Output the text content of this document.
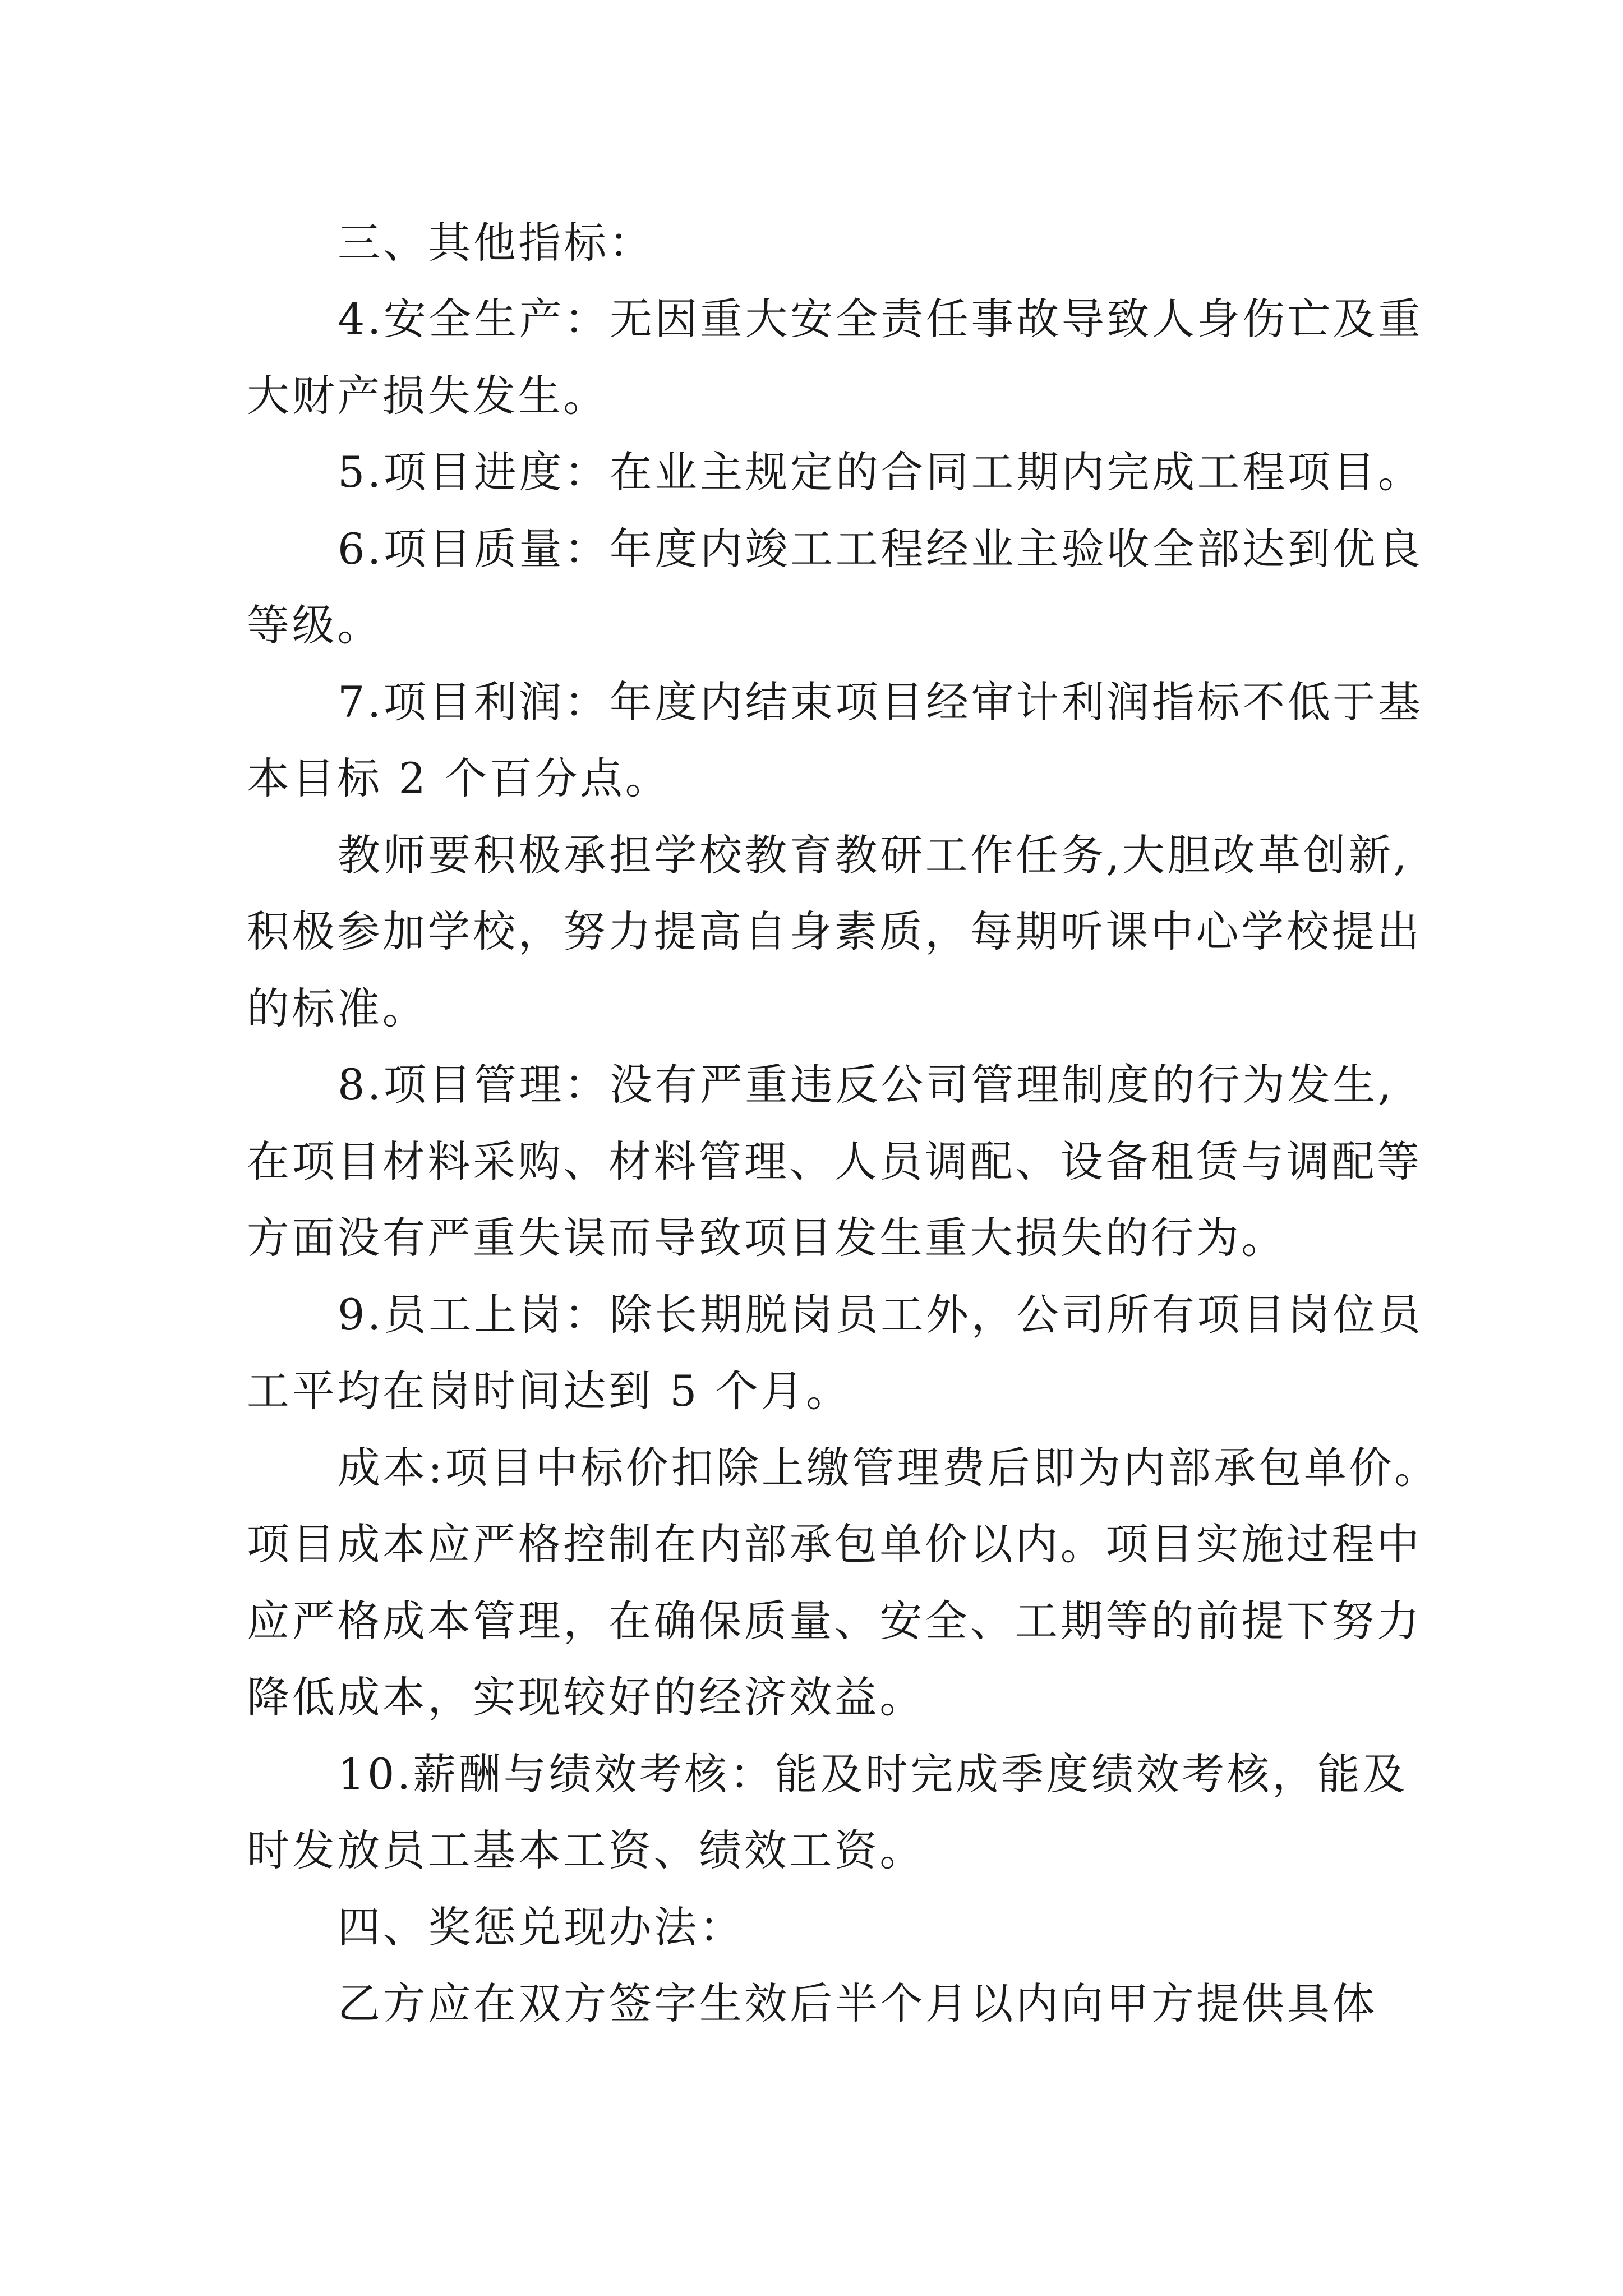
三、其他指标：
4.安全生产：无因重大安全责任事故导致人身伤亡及重
大财产损失发生。
5.项目进度：在业主规定的合同工期内完成工程项目。
6.项目质量：年度内竣工工程经业主验收全部达到优良
等级。
7.项目利润：年度内结束项目经审计利润指标不低于基
本目标 2 个百分点。
教师要积极承担学校教育教研工作任务,大胆改革创新,
积极参加学校，努力提高自身素质，每期听课中心学校提出
的标准。
8.项目管理：没有严重违反公司管理制度的行为发生,
在项目材料采购、材料管理、人员调配、设备租赁与调配等
方面没有严重失误而导致项目发生重大损失的行为。
9.员工上岗：除长期脱岗员工外，公司所有项目岗位员
工平均在岗时间达到 5 个月。
成本:项目中标价扣除上缴管理费后即为内部承包单价。
项目成本应严格控制在内部承包单价以内。项目实施过程中
应严格成本管理，在确保质量、安全、工期等的前提下努力
降低成本，实现较好的经济效益。
10.薪酬与绩效考核：能及时完成季度绩效考核，能及
时发放员工基本工资、绩效工资。
四、奖惩兑现办法：
乙方应在双方签字生效后半个月以内向甲方提供具体
